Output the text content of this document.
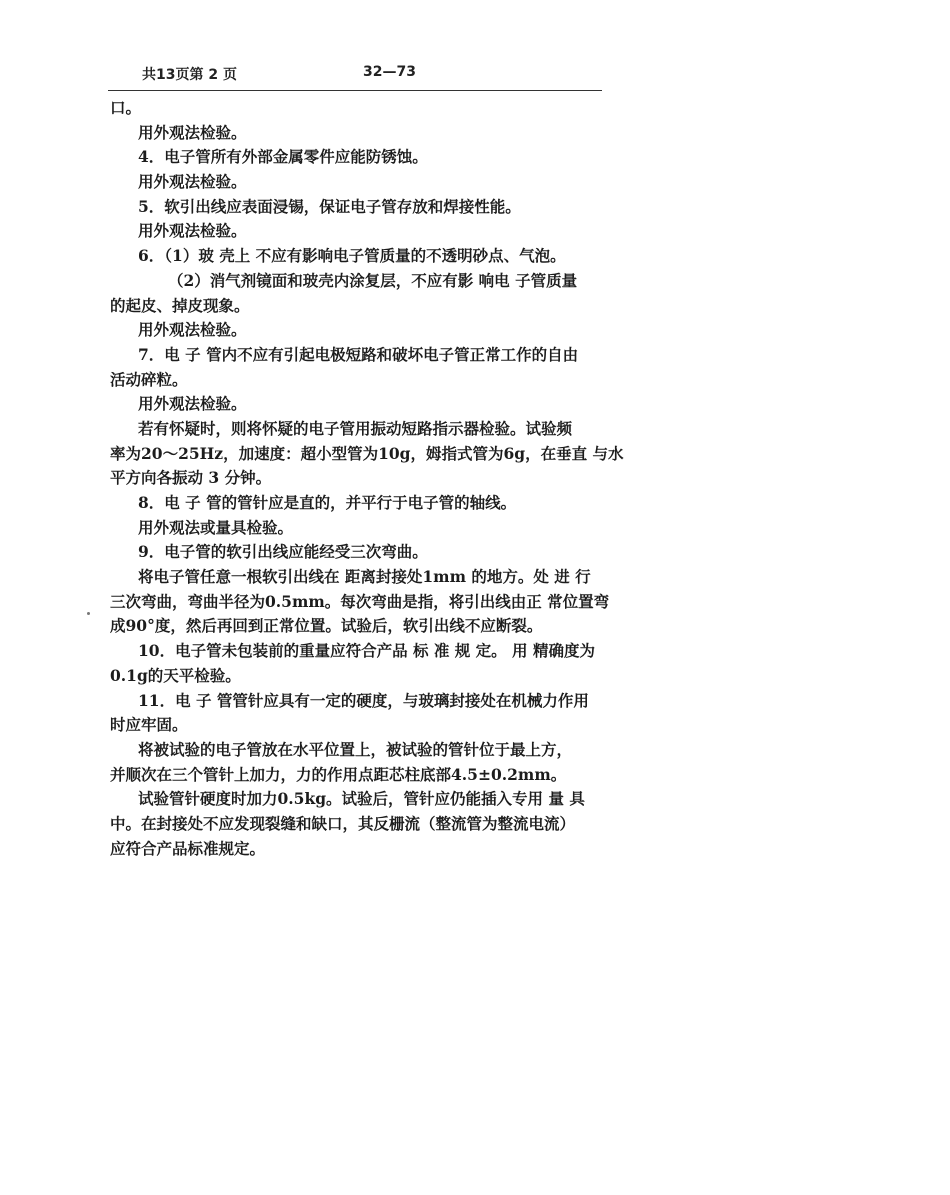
共13页第 2 页	32—73
口。
用外观法检验。
4．电子管所有外部金属零件应能防锈蚀。
用外观法检验。
5．软引出线应表面浸锡，保证电子管存放和焊接性能。
用外观法检验。
6．（1）玻 壳上 不应有影响电子管质量的不透明砂点、气泡。
（2）消气剂镜面和玻壳内涂复层，不应有影 响电 子管质量
的起皮、掉皮现象。
用外观法检验。
7．电 子 管内不应有引起电极短路和破坏电子管正常工作的自由
活动碎粒。
用外观法检验。
若有怀疑时，则将怀疑的电子管用振动短路指示器检验。试验频
率为20～25Hz，加速度：超小型管为10g，姆指式管为6g，在垂直 与水
平方向各振动 3 分钟。
8．电 子 管的管针应是直的，并平行于电子管的轴线。
用外观法或量具检验。
9．电子管的软引出线应能经受三次弯曲。
将电子管任意一根软引出线在 距离封接处1mm 的地方。处 进 行
三次弯曲，弯曲半径为0.5mm。每次弯曲是指，将引出线由正 常位置弯
成90°度，然后再回到正常位置。试验后，软引出线不应断裂。
10．电子管未包装前的重量应符合产品 标 准 规 定。 用 精确度为
0.1g的天平检验。
11．电 子 管管针应具有一定的硬度，与玻璃封接处在机械力作用
时应牢固。
将被试验的电子管放在水平位置上，被试验的管针位于最上方，
并顺次在三个管针上加力，力的作用点距芯柱底部4.5±0.2mm。
试验管针硬度时加力0.5kg。试验后，管针应仍能插入专用 量 具
中。在封接处不应发现裂缝和缺口，其反栅流（整流管为整流电流）
应符合产品标准规定。
